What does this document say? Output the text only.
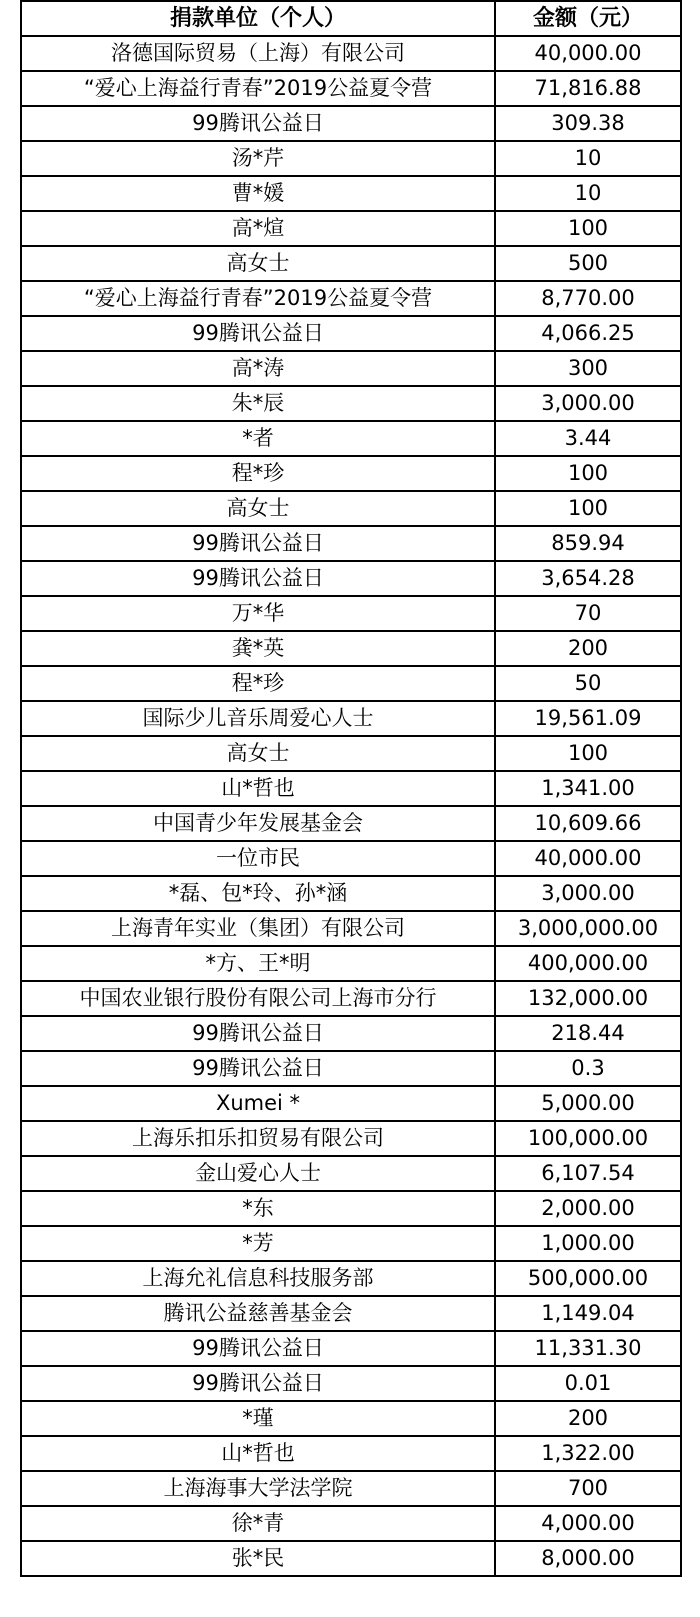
捐款单位（个人）	金额（元）
洛德国际贸易（上海）有限公司	40,000.00
“爱心上海益行青春”2019公益夏令营	71,816.88
99腾讯公益日	309.38
汤*芹	10
曹*媛	10
高*煊	100
高女士	500
“爱心上海益行青春”2019公益夏令营	8,770.00
99腾讯公益日	4,066.25
高*涛	300
朱*辰	3,000.00
*者	3.44
程*珍	100
高女士	100
99腾讯公益日	859.94
99腾讯公益日	3,654.28
万*华	70
龚*英	200
程*珍	50
国际少儿音乐周爱心人士	19,561.09
高女士	100
山*哲也	1,341.00
中国青少年发展基金会	10,609.66
一位市民	40,000.00
*磊、包*玲、孙*涵	3,000.00
上海青年实业（集团）有限公司	3,000,000.00
*方、王*明	400,000.00
中国农业银行股份有限公司上海市分行	132,000.00
99腾讯公益日	218.44
99腾讯公益日	0.3
Xumei *	5,000.00
上海乐扣乐扣贸易有限公司	100,000.00
金山爱心人士	6,107.54
*东	2,000.00
*芳	1,000.00
上海允礼信息科技服务部	500,000.00
腾讯公益慈善基金会	1,149.04
99腾讯公益日	11,331.30
99腾讯公益日	0.01
*瑾	200
山*哲也	1,322.00
上海海事大学法学院	700
徐*青	4,000.00
张*民	8,000.00
